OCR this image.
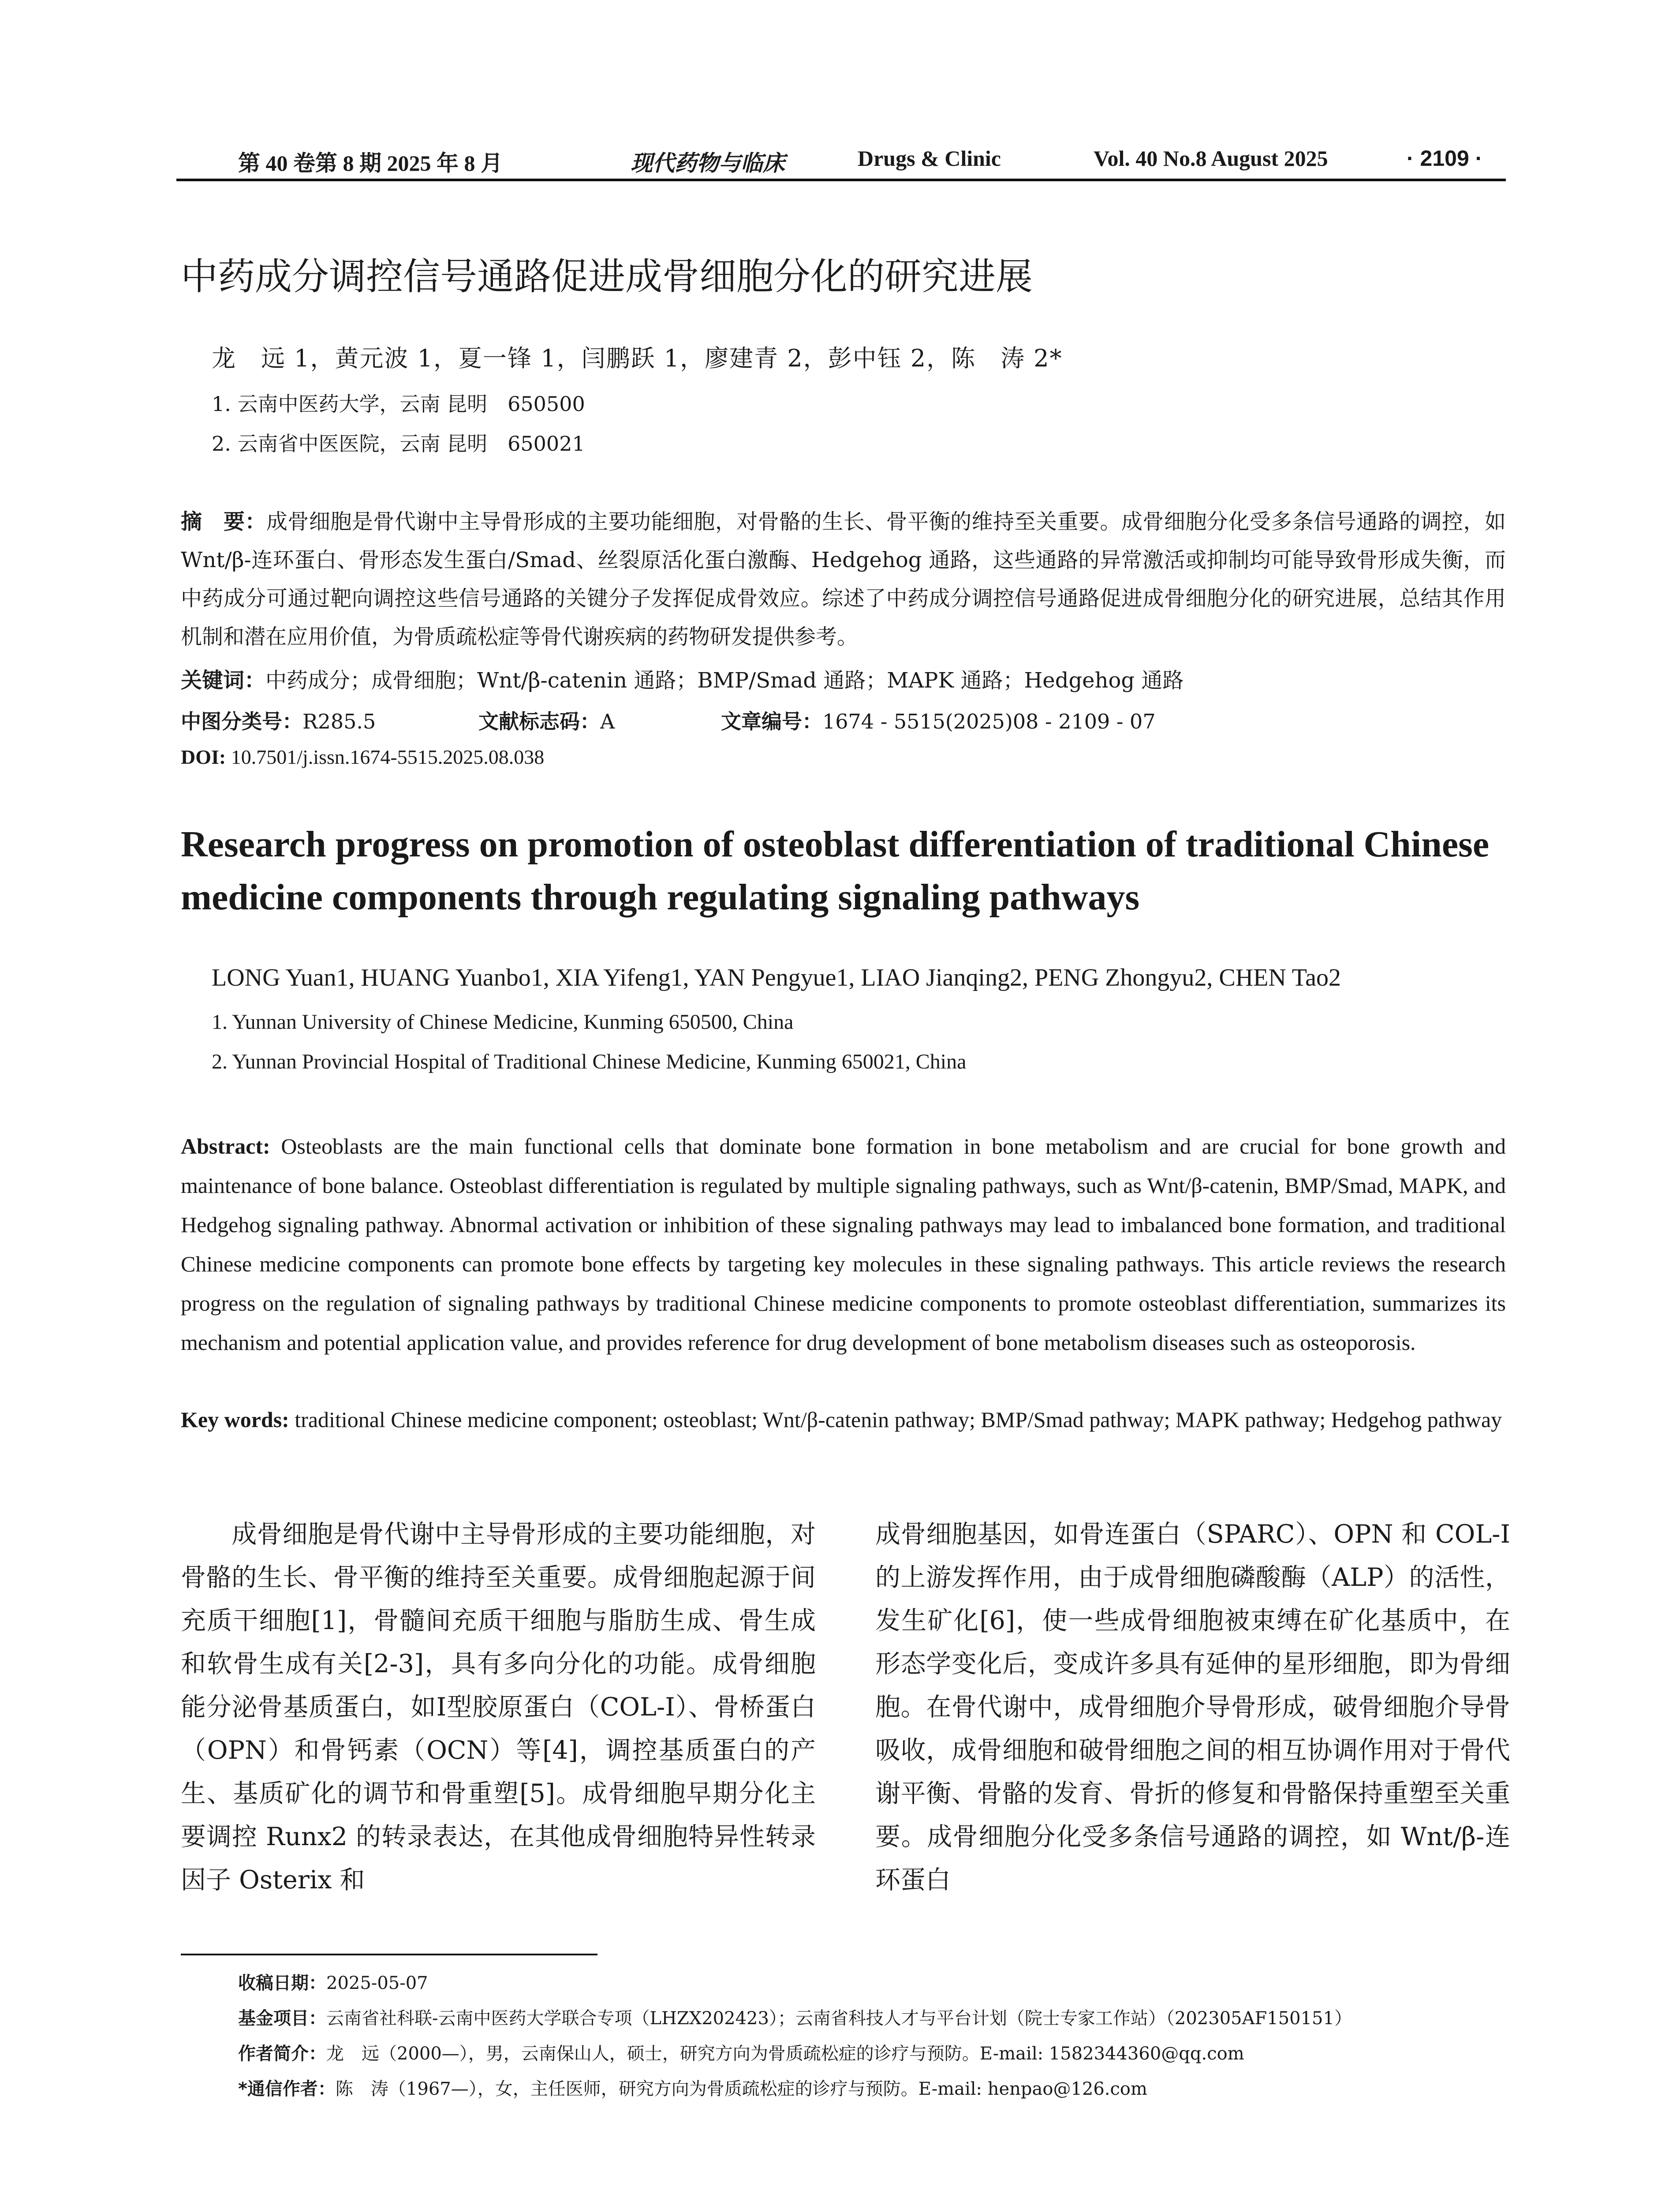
第 40 卷第 8 期 2025 年 8 月	现代药物与临床	Drugs & Clinic	Vol. 40 No.8 August 2025	· 2109 ·
中药成分调控信号通路促进成骨细胞分化的研究进展
龙　远 1，黄元波 1，夏一锋 1，闫鹏跃 1，廖建青 2，彭中钰 2，陈　涛 2*
1. 云南中医药大学，云南 昆明　650500
2. 云南省中医医院，云南 昆明　650021
摘　要：成骨细胞是骨代谢中主导骨形成的主要功能细胞，对骨骼的生长、骨平衡的维持至关重要。成骨细胞分化受多条信号通路的调控，如 Wnt/β-连环蛋白、骨形态发生蛋白/Smad、丝裂原活化蛋白激酶、Hedgehog 通路，这些通路的异常激活或抑制均可能导致骨形成失衡，而中药成分可通过靶向调控这些信号通路的关键分子发挥促成骨效应。综述了中药成分调控信号通路促进成骨细胞分化的研究进展，总结其作用机制和潜在应用价值，为骨质疏松症等骨代谢疾病的药物研发提供参考。
关键词：中药成分；成骨细胞；Wnt/β-catenin 通路；BMP/Smad 通路；MAPK 通路；Hedgehog 通路
中图分类号：R285.5	文献标志码：A	文章编号：1674 - 5515(2025)08 - 2109 - 07
DOI: 10.7501/j.issn.1674-5515.2025.08.038
Research progress on promotion of osteoblast differentiation of traditional Chinese medicine components through regulating signaling pathways
LONG Yuan1, HUANG Yuanbo1, XIA Yifeng1, YAN Pengyue1, LIAO Jianqing2, PENG Zhongyu2, CHEN Tao2
1. Yunnan University of Chinese Medicine, Kunming 650500, China
2. Yunnan Provincial Hospital of Traditional Chinese Medicine, Kunming 650021, China
Abstract: Osteoblasts are the main functional cells that dominate bone formation in bone metabolism and are crucial for bone growth and maintenance of bone balance. Osteoblast differentiation is regulated by multiple signaling pathways, such as Wnt/β-catenin, BMP/Smad, MAPK, and Hedgehog signaling pathway. Abnormal activation or inhibition of these signaling pathways may lead to imbalanced bone formation, and traditional Chinese medicine components can promote bone effects by targeting key molecules in these signaling pathways. This article reviews the research progress on the regulation of signaling pathways by traditional Chinese medicine components to promote osteoblast differentiation, summarizes its mechanism and potential application value, and provides reference for drug development of bone metabolism diseases such as osteoporosis.
Key words: traditional Chinese medicine component; osteoblast; Wnt/β-catenin pathway; BMP/Smad pathway; MAPK pathway; Hedgehog pathway
　　成骨细胞是骨代谢中主导骨形成的主要功能细胞，对骨骼的生长、骨平衡的维持至关重要。成骨细胞起源于间充质干细胞[1]，骨髓间充质干细胞与脂肪生成、骨生成和软骨生成有关[2-3]，具有多向分化的功能。成骨细胞能分泌骨基质蛋白，如I型胶原蛋白（COL-I）、骨桥蛋白（OPN）和骨钙素（OCN）等[4]，调控基质蛋白的产生、基质矿化的调节和骨重塑[5]。成骨细胞早期分化主要调控 Runx2 的转录表达，在其他成骨细胞特异性转录因子 Osterix 和
成骨细胞基因，如骨连蛋白（SPARC）、OPN 和 COL-I的上游发挥作用，由于成骨细胞磷酸酶（ALP）的活性，发生矿化[6]，使一些成骨细胞被束缚在矿化基质中，在形态学变化后，变成许多具有延伸的星形细胞，即为骨细胞。在骨代谢中，成骨细胞介导骨形成，破骨细胞介导骨吸收，成骨细胞和破骨细胞之间的相互协调作用对于骨代谢平衡、骨骼的发育、骨折的修复和骨骼保持重塑至关重要。成骨细胞分化受多条信号通路的调控，如 Wnt/β-连环蛋白
收稿日期：2025-05-07
基金项目：云南省社科联-云南中医药大学联合专项（LHZX202423）；云南省科技人才与平台计划（院士专家工作站）（202305AF150151）
作者简介：龙　远（2000—），男，云南保山人，硕士，研究方向为骨质疏松症的诊疗与预防。E-mail: 1582344360@qq.com
*通信作者：陈　涛（1967—），女，主任医师，研究方向为骨质疏松症的诊疗与预防。E-mail: henpao@126.com
